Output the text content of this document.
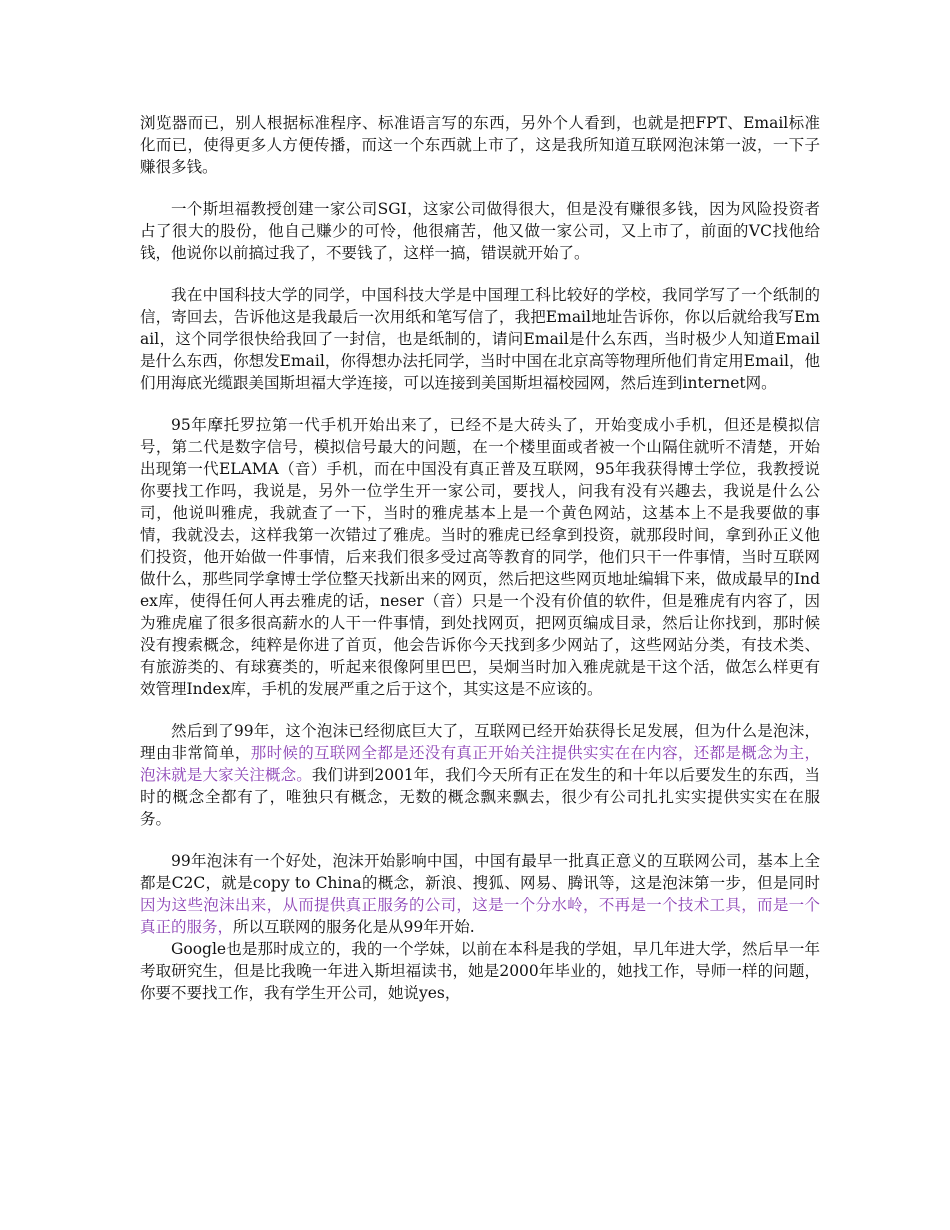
浏览器而已，别人根据标准程序、标准语言写的东西，另外个人看到，也就是把FPT、Email标准化而已，使得更多人方便传播，而这一个东西就上市了，这是我所知道互联网泡沫第一波，一下子赚很多钱。

一个斯坦福教授创建一家公司SGI，这家公司做得很大，但是没有赚很多钱，因为风险投资者占了很大的股份，他自己赚少的可怜，他很痛苦，他又做一家公司，又上市了，前面的VC找他给钱，他说你以前搞过我了，不要钱了，这样一搞，错误就开始了。

我在中国科技大学的同学，中国科技大学是中国理工科比较好的学校，我同学写了一个纸制的信，寄回去，告诉他这是我最后一次用纸和笔写信了，我把Email地址告诉你，你以后就给我写Email，这个同学很快给我回了一封信，也是纸制的，请问Email是什么东西，当时极少人知道Email是什么东西，你想发Email，你得想办法托同学，当时中国在北京高等物理所他们肯定用Email，他们用海底光缆跟美国斯坦福大学连接，可以连接到美国斯坦福校园网，然后连到internet网。

95年摩托罗拉第一代手机开始出来了，已经不是大砖头了，开始变成小手机，但还是模拟信号，第二代是数字信号，模拟信号最大的问题，在一个楼里面或者被一个山隔住就听不清楚，开始出现第一代ELAMA（音）手机，而在中国没有真正普及互联网，95年我获得博士学位，我教授说你要找工作吗，我说是，另外一位学生开一家公司，要找人，问我有没有兴趣去，我说是什么公司，他说叫雅虎，我就查了一下，当时的雅虎基本上是一个黄色网站，这基本上不是我要做的事情，我就没去，这样我第一次错过了雅虎。当时的雅虎已经拿到投资，就那段时间，拿到孙正义他们投资，他开始做一件事情，后来我们很多受过高等教育的同学，他们只干一件事情，当时互联网做什么，那些同学拿博士学位整天找新出来的网页，然后把这些网页地址编辑下来，做成最早的Index库，使得任何人再去雅虎的话，neser（音）只是一个没有价值的软件，但是雅虎有内容了，因为雅虎雇了很多很高薪水的人干一件事情，到处找网页，把网页编成目录，然后让你找到，那时候没有搜索概念，纯粹是你进了首页，他会告诉你今天找到多少网站了，这些网站分类，有技术类、有旅游类的、有球赛类的，听起来很像阿里巴巴，吴炯当时加入雅虎就是干这个活，做怎么样更有效管理Index库，手机的发展严重之后于这个，其实这是不应该的。

然后到了99年，这个泡沫已经彻底巨大了，互联网已经开始获得长足发展，但为什么是泡沫，理由非常简单，那时候的互联网全都是还没有真正开始关注提供实实在在内容，还都是概念为主，泡沫就是大家关注概念。我们讲到2001年，我们今天所有正在发生的和十年以后要发生的东西，当时的概念全都有了，唯独只有概念，无数的概念飘来飘去，很少有公司扎扎实实提供实实在在服务。

99年泡沫有一个好处，泡沫开始影响中国，中国有最早一批真正意义的互联网公司，基本上全都是C2C，就是copy to China的概念，新浪、搜狐、网易、腾讯等，这是泡沫第一步，但是同时因为这些泡沫出来，从而提供真正服务的公司，这是一个分水岭，不再是一个技术工具，而是一个真正的服务，所以互联网的服务化是从99年开始.

Google也是那时成立的，我的一个学妹，以前在本科是我的学姐，早几年进大学，然后早一年考取研究生，但是比我晚一年进入斯坦福读书，她是2000年毕业的，她找工作，导师一样的问题，你要不要找工作，我有学生开公司，她说yes，
